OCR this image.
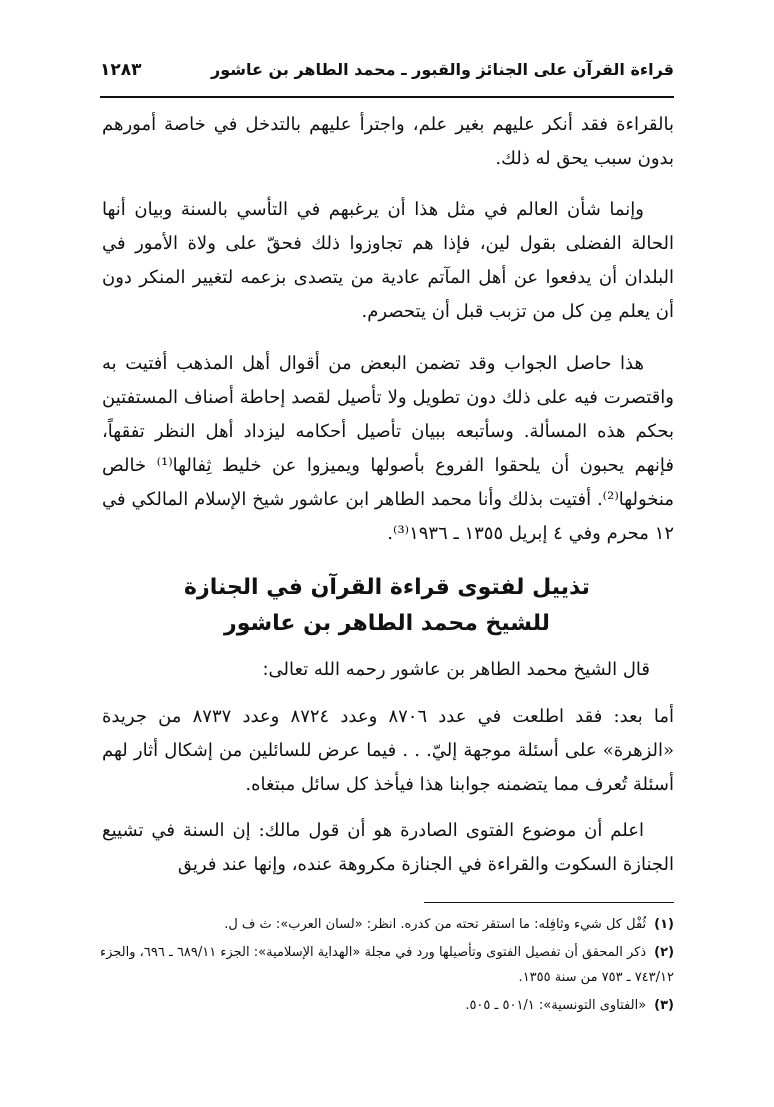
قراءة القرآن على الجنائز والقبور ـ محمد الطاهر بن عاشور
١٢٨٣
بالقراءة فقد أنكر عليهم بغير علم، واجترأ عليهم بالتدخل في خاصة أمورهم بدون سبب يحق له ذلك.
وإنما شأن العالم في مثل هذا أن يرغبهم في التأسي بالسنة وبيان أنها الحالة الفضلى بقول لين، فإذا هم تجاوزوا ذلك فحقّ على ولاة الأمور في البلدان أن يدفعوا عن أهل المآتم عادية من يتصدى بزعمه لتغيير المنكر دون أن يعلم مِن كل من تزبب قبل أن يتحصرم.
هذا حاصل الجواب وقد تضمن البعض من أقوال أهل المذهب أفتيت به واقتصرت فيه على ذلك دون تطويل ولا تأصيل لقصد إحاطة أصناف المستفتين بحكم هذه المسألة. وسأتبعه ببيان تأصيل أحكامه ليزداد أهل النظر تفقهاً، فإنهم يحبون أن يلحقوا الفروع بأصولها ويميزوا عن خليط ثِفالها⁽¹⁾ خالص منخولها⁽²⁾. أفتيت بذلك وأنا محمد الطاهر ابن عاشور شيخ الإسلام المالكي في ١٢ محرم وفي ٤ إبريل ١٣٥٥ ـ ١٩٣٦⁽³⁾.
تذييل لفتوى قراءة القرآن في الجنازة
للشيخ محمد الطاهر بن عاشور
قال الشيخ محمد الطاهر بن عاشور رحمه الله تعالى:
أما بعد: فقد اطلعت في عدد ٨٧٠٦ وعدد ٨٧٢٤ وعدد ٨٧٣٧ من جريدة «الزهرة» على أسئلة موجهة إليّ. . . فيما عرض للسائلين من إشكال أثار لهم أسئلة تُعرف مما يتضمنه جوابنا هذا فيأخذ كل سائل مبتغاه.
اعلم أن موضوع الفتوى الصادرة هو أن قول مالك: إن السنة في تشييع الجنازة السكوت والقراءة في الجنازة مكروهة عنده، وإنها عند فريق
(١)ثُفْل كل شيء وثافِله: ما استقر تحته من كدره. انظر: «لسان العرب»: ث ف ل.
(٢)ذكر المحقق أن تفصيل الفتوى وتأصيلها ورد في مجلة «الهداية الإسلامية»: الجزء ٦٨٩/١١ ـ ٦٩٦، والجزء ٧٤٣/١٢ ـ ٧٥٣ من سنة ١٣٥٥.
(٣)«الفتاوى التونسية»: ٥٠١/١ ـ ٥٠٥.
